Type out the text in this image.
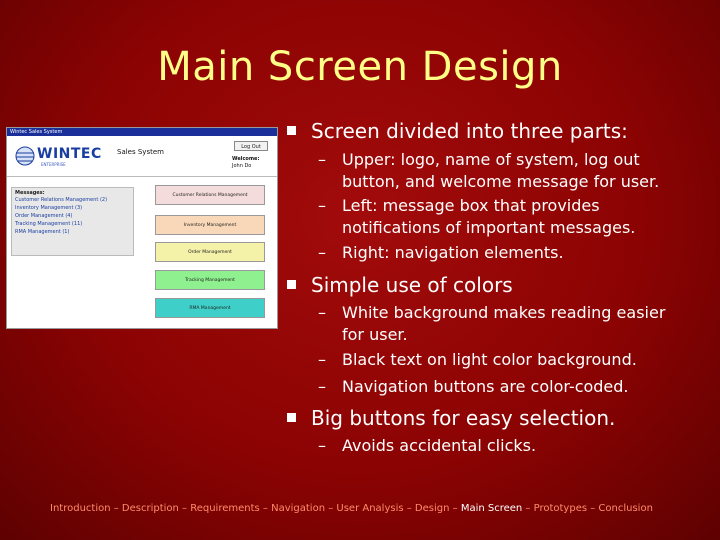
Main Screen Design
Wintec Sales System
WINTEC
ENTERPRISE
Sales System
Log Out
Welcome:
John Do
Messages:
Customer Relations Management (2)
Inventory Management (3)
Order Management (4)
Tracking Management (11)
RMA Management (1)
Customer Relations Management
Inventory Management
Order Management
Tracking Management
RMA Management
Screen divided into three parts:
– Upper: logo, name of system, log out
button, and welcome message for user.
– Left: message box that provides
notifications of important messages.
– Right: navigation elements.
Simple use of colors
– White background makes reading easier
for user.
– Black text on light color background.
– Navigation buttons are color-coded.
Big buttons for easy selection.
– Avoids accidental clicks.
Introduction – Description – Requirements – Navigation – User Analysis – Design – Main Screen – Prototypes – Conclusion
